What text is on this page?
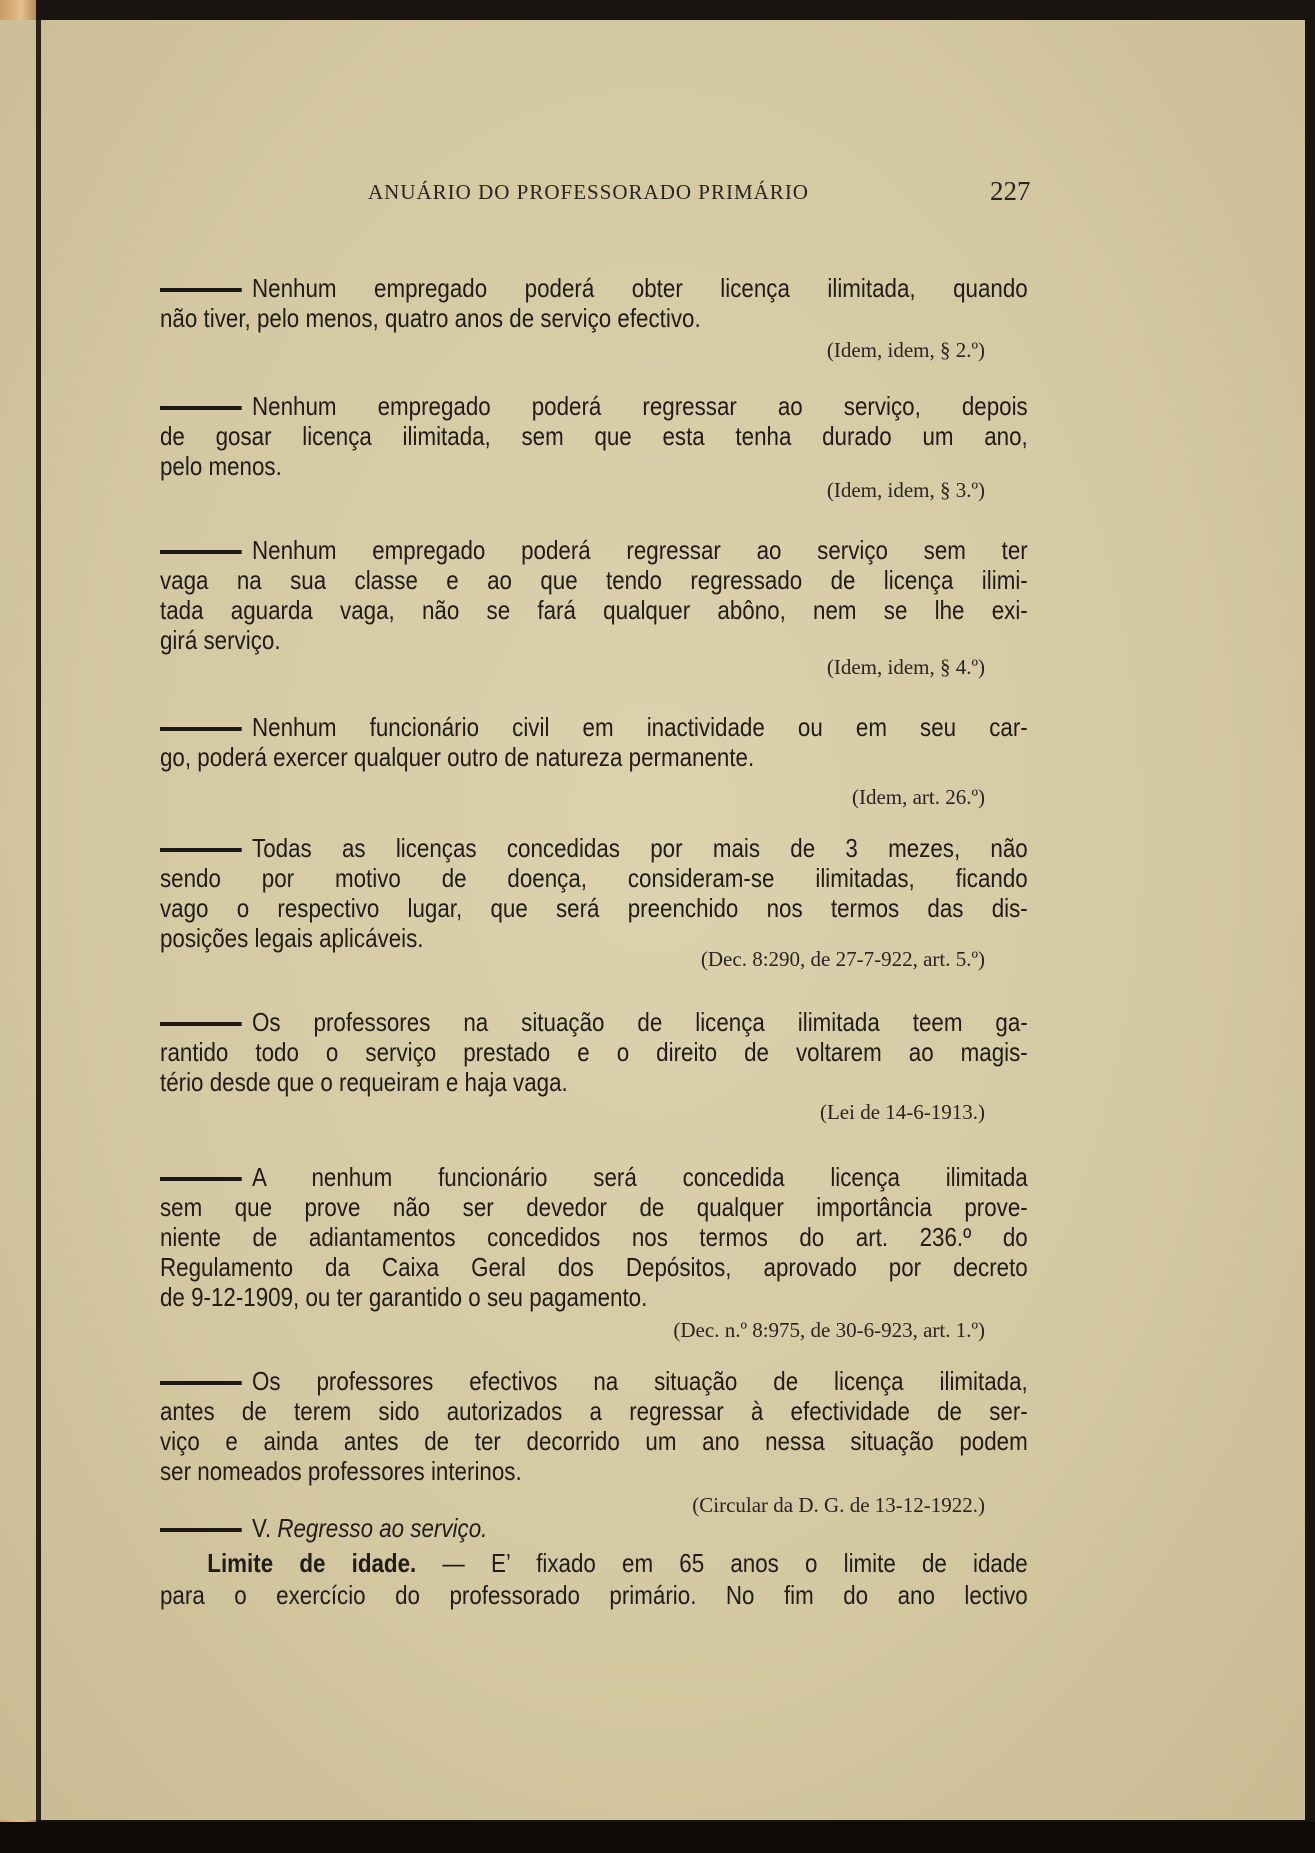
ANUÁRIO DO PROFESSORADO PRIMÁRIO	227
Nenhum empregado poderá obter licença ilimitada, quando
não tiver, pelo menos, quatro anos de serviço efectivo.
(Idem, idem, § 2.º)
Nenhum empregado poderá regressar ao serviço, depois
de gosar licença ilimitada, sem que esta tenha durado um ano,
pelo menos.
(Idem, idem, § 3.º)
Nenhum empregado poderá regressar ao serviço sem ter
vaga na sua classe e ao que tendo regressado de licença ilimi-
tada aguarda vaga, não se fará qualquer abôno, nem se lhe exi-
girá serviço.
(Idem, idem, § 4.º)
Nenhum funcionário civil em inactividade ou em seu car-
go, poderá exercer qualquer outro de natureza permanente.
(Idem, art. 26.º)
Todas as licenças concedidas por mais de 3 mezes, não
sendo por motivo de doença, consideram-se ilimitadas, ficando
vago o respectivo lugar, que será preenchido nos termos das dis-
posições legais aplicáveis.
(Dec. 8:290, de 27-7-922, art. 5.º)
Os professores na situação de licença ilimitada teem ga-
rantido todo o serviço prestado e o direito de voltarem ao magis-
tério desde que o requeiram e haja vaga.
(Lei de 14-6-1913.)
A nenhum funcionário será concedida licença ilimitada
sem que prove não ser devedor de qualquer importância prove-
niente de adiantamentos concedidos nos termos do art. 236.º do
Regulamento da Caixa Geral dos Depósitos, aprovado por decreto
de 9-12-1909, ou ter garantido o seu pagamento.
(Dec. n.º 8:975, de 30-6-923, art. 1.º)
Os professores efectivos na situação de licença ilimitada,
antes de terem sido autorizados a regressar à efectividade de ser-
viço e ainda antes de ter decorrido um ano nessa situação podem
ser nomeados professores interinos.
(Circular da D. G. de 13-12-1922.)
V. Regresso ao serviço.
Limite de idade. — E’ fixado em 65 anos o limite de idade
para o exercício do professorado primário. No fim do ano lectivo
